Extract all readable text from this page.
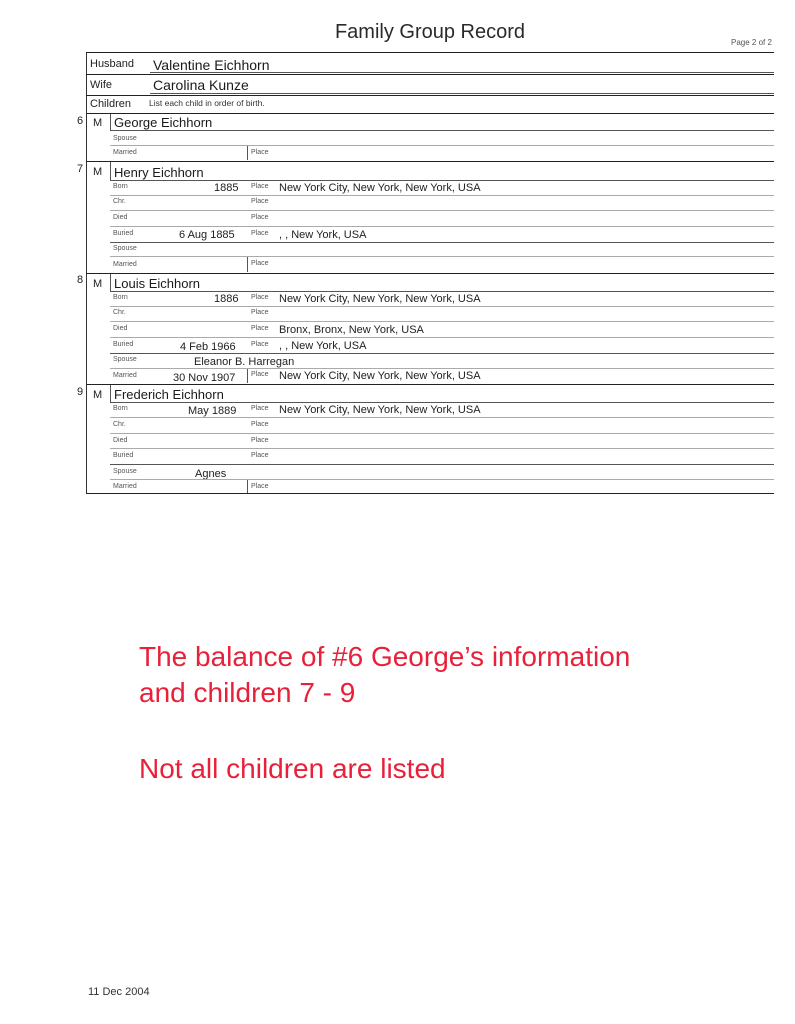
Family Group Record	Page 2 of 2
Husband Valentine Eichhorn
Wife	Carolina Kunze
Children List each child in order of birth.
George Eichhorn
Spouse
Married	Place
Henry Eichhorn
Born	1885 Place New York City, New York, New York, USA
Chr.	Place
Died	Place
Buried	6 Aug 1885 Place , , New York, USA
Spouse
Married	Place
Louis Eichhorn
Born	1886 Place New York City, New York, New York, USA
Chr.	Place
Died	Place Bronx, Bronx, New York, USA
Buried	4 Feb 1966 Place , , New York, USA
Spouse	Eleanor B. Harregan
Married	30 Nov 1907 Place New York City, New York, New York, USA
Frederich Eichhorn
Born	May 1889 Place New York City, New York, New York, USA
Chr.	Place
Died	Place
Buried	Place
Spouse	Agnes
Married	Place
6 M
7 M
8 M
9 M
The balance of #6 George’s information
and children 7 - 9
Not all children are listed
11 Dec 2004
